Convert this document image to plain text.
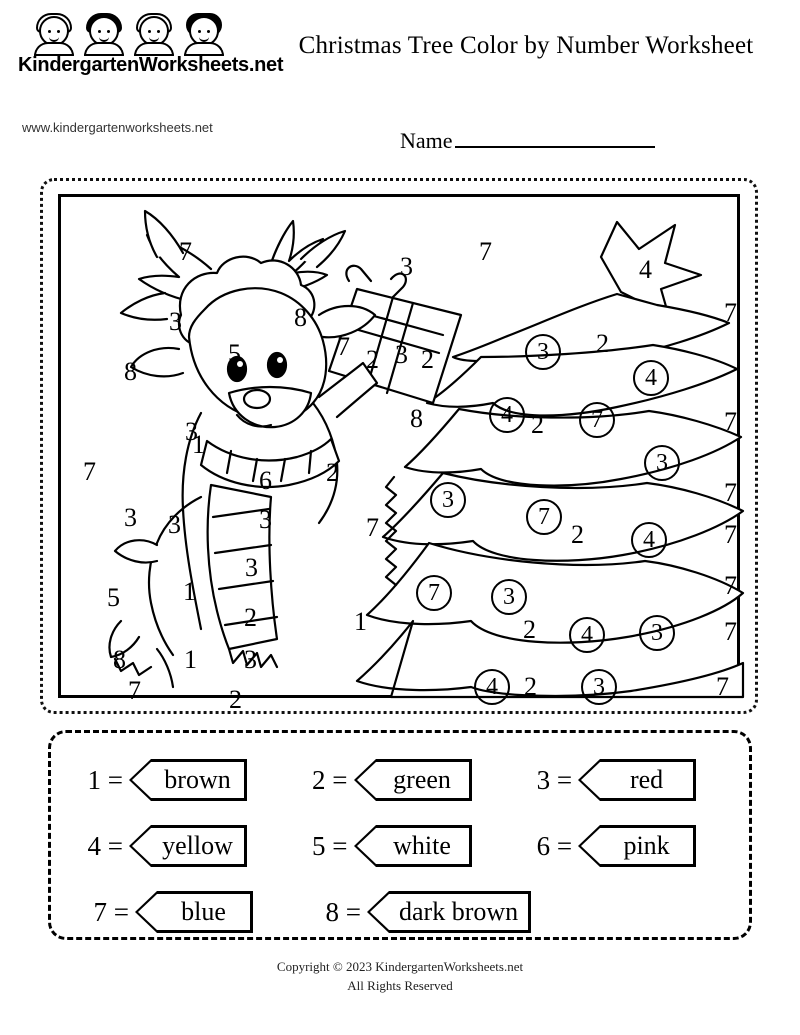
KindergartenWorksheets.net
www.kindergartenworksheets.net
Christmas Tree Color by Number Worksheet
Name
7
3
7
4
3	8	7
5	7	3	2
8	2 3 2
4
4	7
8	2	7
3
1
3
6 2
7
3
7
7
3 3	3
2	4	7
7
3
7	3	7
5 1
2	1	2	4	3	7
8 1 3
7	2	4	2	3	7
1 =	brown	2 =	green	3 =	red
4 =	yellow	5 =	white	6 =	pink
7 =	blue	8 =	dark brown
Copyright © 2023 KindergartenWorksheets.net
All Rights Reserved
